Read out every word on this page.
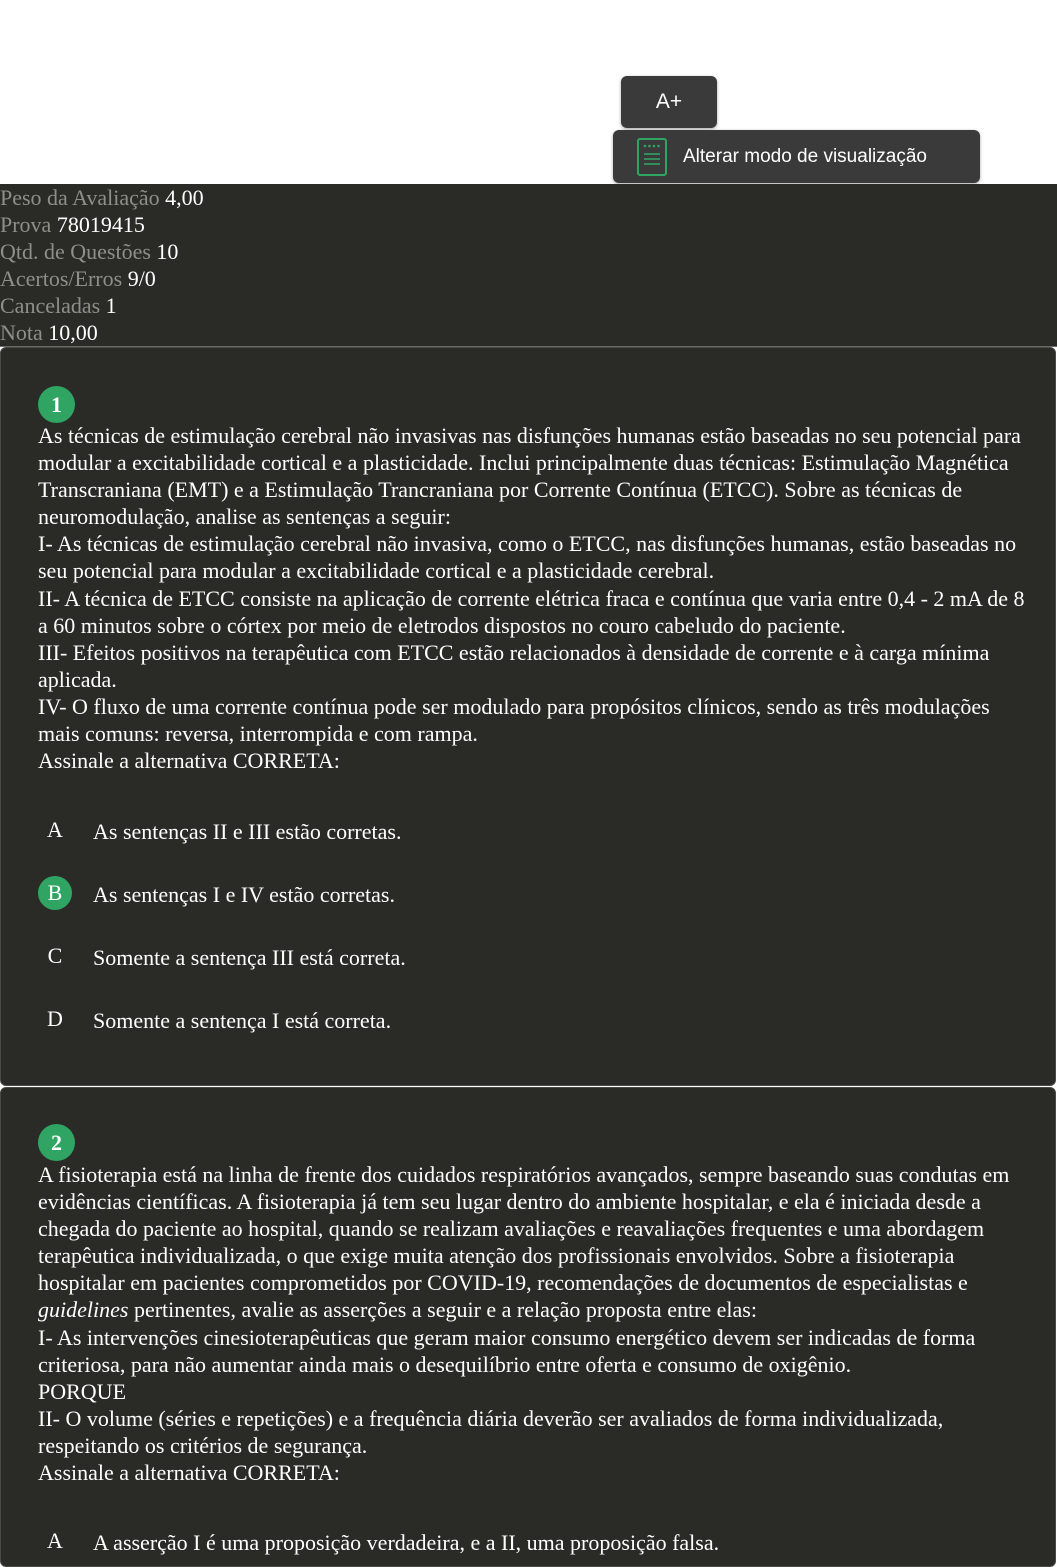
A+
Alterar modo de visualização
Peso da Avaliação 4,00
Prova 78019415
Qtd. de Questões 10
Acertos/Erros 9/0
Canceladas 1
Nota 10,00
1

As técnicas de estimulação cerebral não invasivas nas disfunções humanas estão baseadas no seu potencial para modular a excitabilidade cortical e a plasticidade. Inclui principalmente duas técnicas: Estimulação Magnética Transcraniana (EMT) e a Estimulação Trancraniana por Corrente Contínua (ETCC). Sobre as técnicas de neuromodulação, analise as sentenças a seguir:

I- As técnicas de estimulação cerebral não invasiva, como o ETCC, nas disfunções humanas, estão baseadas no seu potencial para modular a excitabilidade cortical e a plasticidade cerebral.

II- A técnica de ETCC consiste na aplicação de corrente elétrica fraca e contínua que varia entre 0,4 - 2 mA de 8 a 60 minutos sobre o córtex por meio de eletrodos dispostos no couro cabeludo do paciente.

III- Efeitos positivos na terapêutica com ETCC estão relacionados à densidade de corrente e à carga mínima aplicada.

IV- O fluxo de uma corrente contínua pode ser modulado para propósitos clínicos, sendo as três modulações mais comuns: reversa, interrompida e com rampa.

Assinale a alternativa CORRETA:

A	As sentenças II e III estão corretas.
B	As sentenças I e IV estão corretas.
C	Somente a sentença III está correta.
D	Somente a sentença I está correta.
2

A fisioterapia está na linha de frente dos cuidados respiratórios avançados, sempre baseando suas condutas em evidências científicas. A fisioterapia já tem seu lugar dentro do ambiente hospitalar, e ela é iniciada desde a chegada do paciente ao hospital, quando se realizam avaliações e reavaliações frequentes e uma abordagem terapêutica individualizada, o que exige muita atenção dos profissionais envolvidos. Sobre a fisioterapia hospitalar em pacientes comprometidos por COVID-19, recomendações de documentos de especialistas e guidelines pertinentes, avalie as asserções a seguir e a relação proposta entre elas:

I- As intervenções cinesioterapêuticas que geram maior consumo energético devem ser indicadas de forma criteriosa, para não aumentar ainda mais o desequilíbrio entre oferta e consumo de oxigênio.

PORQUE

II- O volume (séries e repetições) e a frequência diária deverão ser avaliados de forma individualizada, respeitando os critérios de segurança.

Assinale a alternativa CORRETA:

A	A asserção I é uma proposição verdadeira, e a II, uma proposição falsa.
